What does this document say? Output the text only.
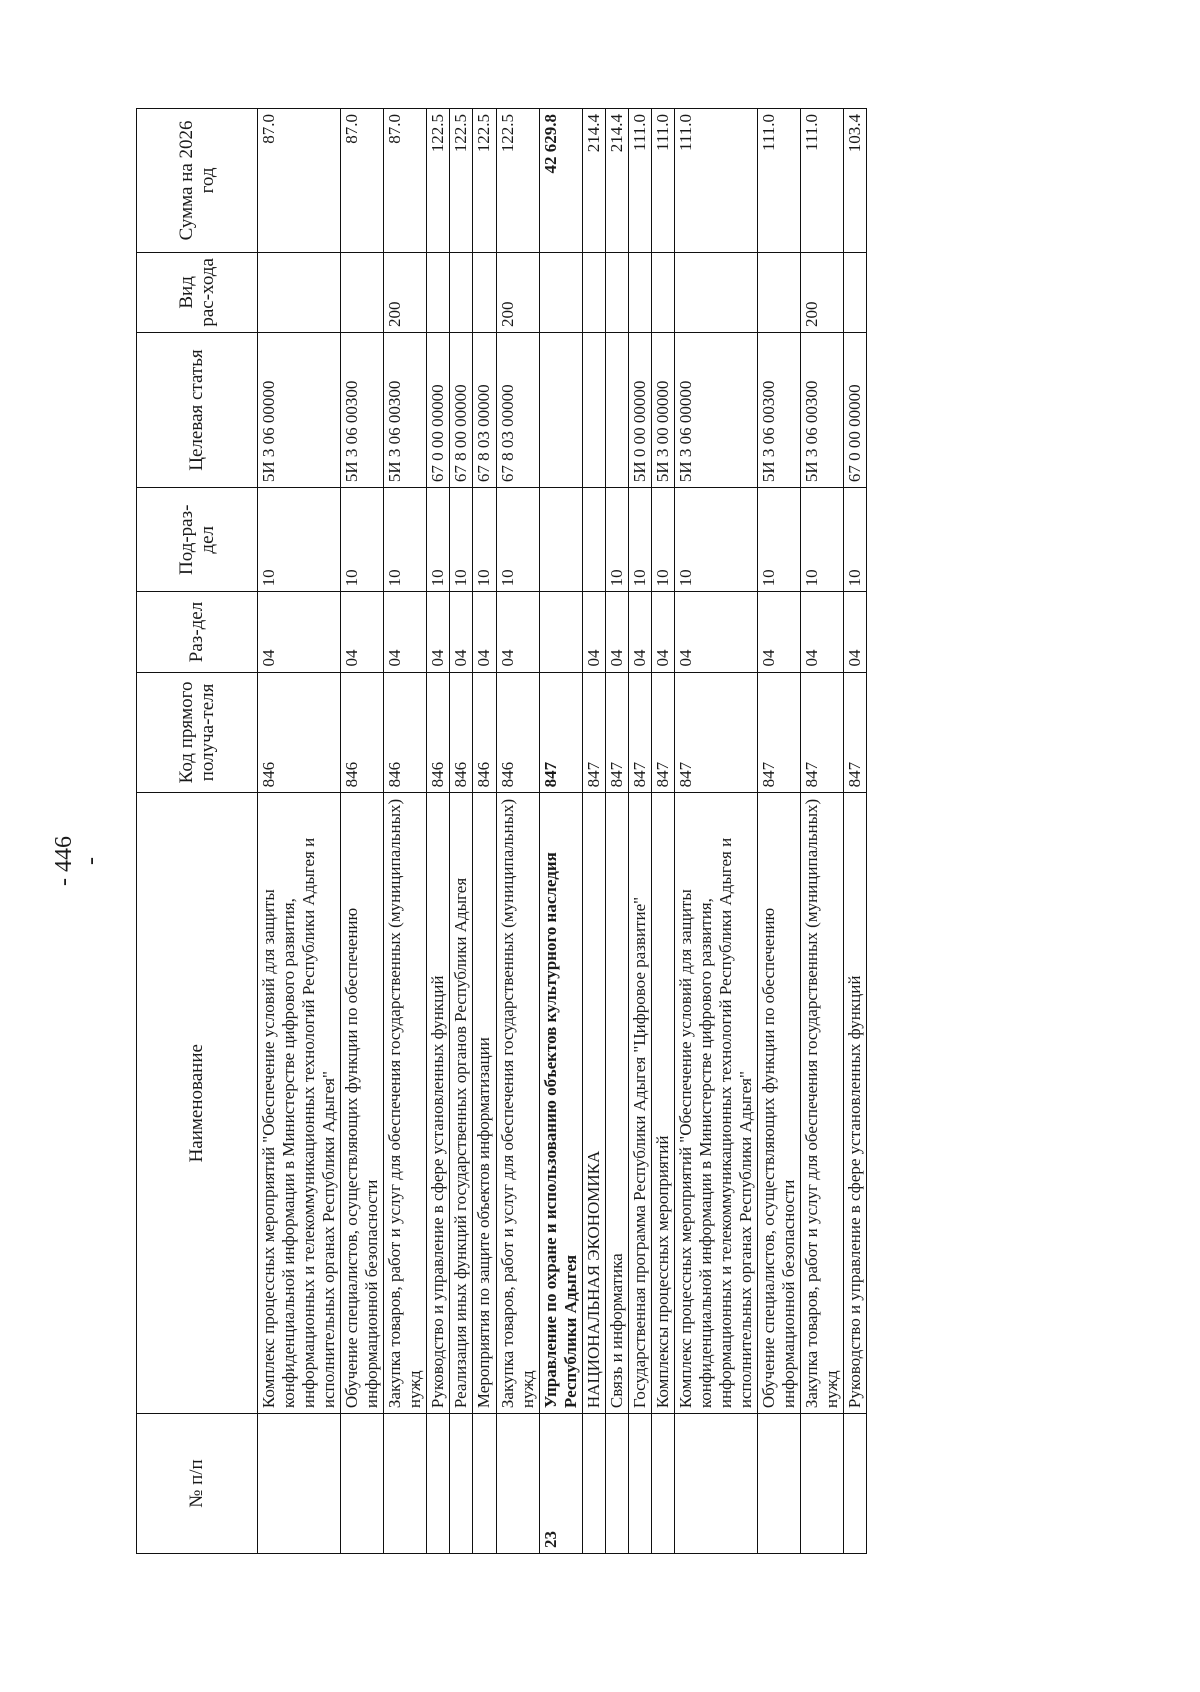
- 446 -
№ п/п	Наименование	Код прямого получа-теля	Раз-дел	Под-раз-дел	Целевая статья	Вид рас-хода	Сумма на 2026 год
	Комплекс процессных мероприятий "Обеспечение условий для защиты конфиденциальной информации в Министерстве цифрового развития, информационных и телекоммуникационных технологий Республики Адыгея и исполнительных органах Республики Адыгея"	846	04	10	5И 3 06 00000		87.0
	Обучение специалистов, осуществляющих функции по обеспечению информационной безопасности	846	04	10	5И 3 06 00300		87.0
	Закупка товаров, работ и услуг для обеспечения государственных (муниципальных) нужд	846	04	10	5И 3 06 00300	200	87.0
	Руководство и управление в сфере установленных функций	846	04	10	67 0 00 00000		122.5
	Реализация иных функций государственных органов Республики Адыгея	846	04	10	67 8 00 00000		122.5
	Мероприятия по защите объектов информатизации	846	04	10	67 8 03 00000		122.5
	Закупка товаров, работ и услуг для обеспечения государственных (муниципальных) нужд	846	04	10	67 8 03 00000	200	122.5
23	Управление по охране и использованию объектов культурного наследия Республики Адыгея	847					42 629.8
	НАЦИОНАЛЬНАЯ ЭКОНОМИКА	847	04				214.4
	Связь и информатика	847	04	10			214.4
	Государственная программа Республики Адыгея "Цифровое развитие"	847	04	10	5И 0 00 00000		111.0
	Комплексы процессных мероприятий	847	04	10	5И 3 00 00000		111.0
	Комплекс процессных мероприятий "Обеспечение условий для защиты конфиденциальной информации в Министерстве цифрового развития, информационных и телекоммуникационных технологий Республики Адыгея и исполнительных органах Республики Адыгея"	847	04	10	5И 3 06 00000		111.0
	Обучение специалистов, осуществляющих функции по обеспечению информационной безопасности	847	04	10	5И 3 06 00300		111.0
	Закупка товаров, работ и услуг для обеспечения государственных (муниципальных) нужд	847	04	10	5И 3 06 00300	200	111.0
	Руководство и управление в сфере установленных функций	847	04	10	67 0 00 00000		103.4
